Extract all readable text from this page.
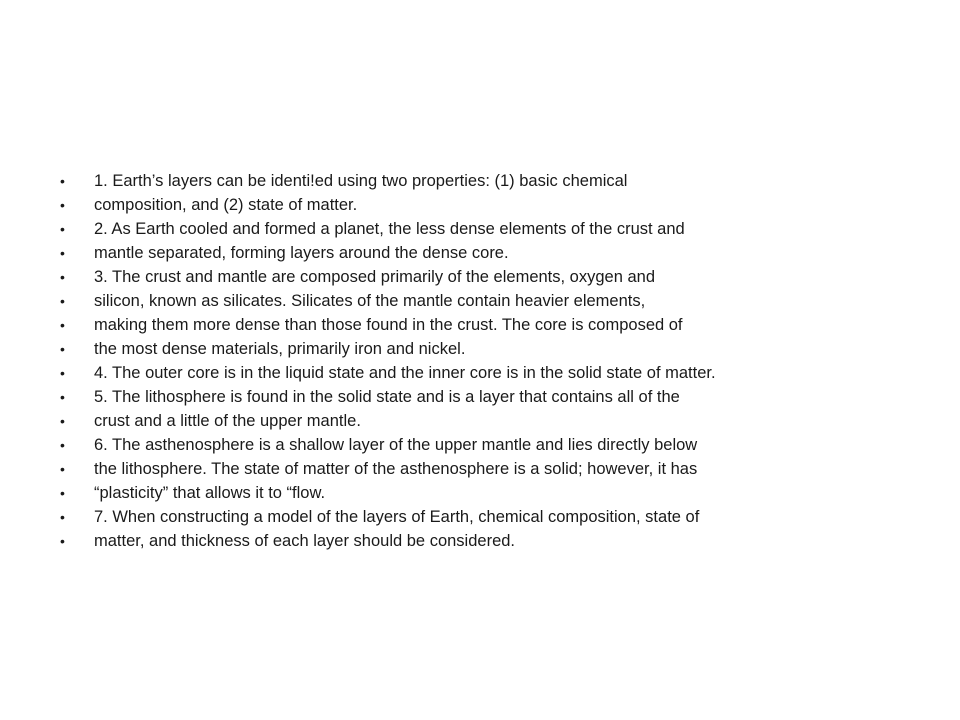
•	1. Earth’s layers can be identi!ed using two properties: (1) basic chemical
•	composition, and (2) state of matter.
•	2. As Earth cooled and formed a planet, the less dense elements of the crust and
•	mantle separated, forming layers around the dense core.
•	3. The crust and mantle are composed primarily of the elements, oxygen and
•	silicon, known as silicates. Silicates of the mantle contain heavier elements,
•	making them more dense than those found in the crust. The core is composed of
•	the most dense materials, primarily iron and nickel.
•	4. The outer core is in the liquid state and the inner core is in the solid state of matter.
•	5. The lithosphere is found in the solid state and is a layer that contains all of the
•	crust and a little of the upper mantle.
•	6. The asthenosphere is a shallow layer of the upper mantle and lies directly below
•	the lithosphere. The state of matter of the asthenosphere is a solid; however, it has
•	“plasticity” that allows it to “flow.
•	7. When constructing a model of the layers of Earth, chemical composition, state of
•	matter, and thickness of each layer should be considered.
